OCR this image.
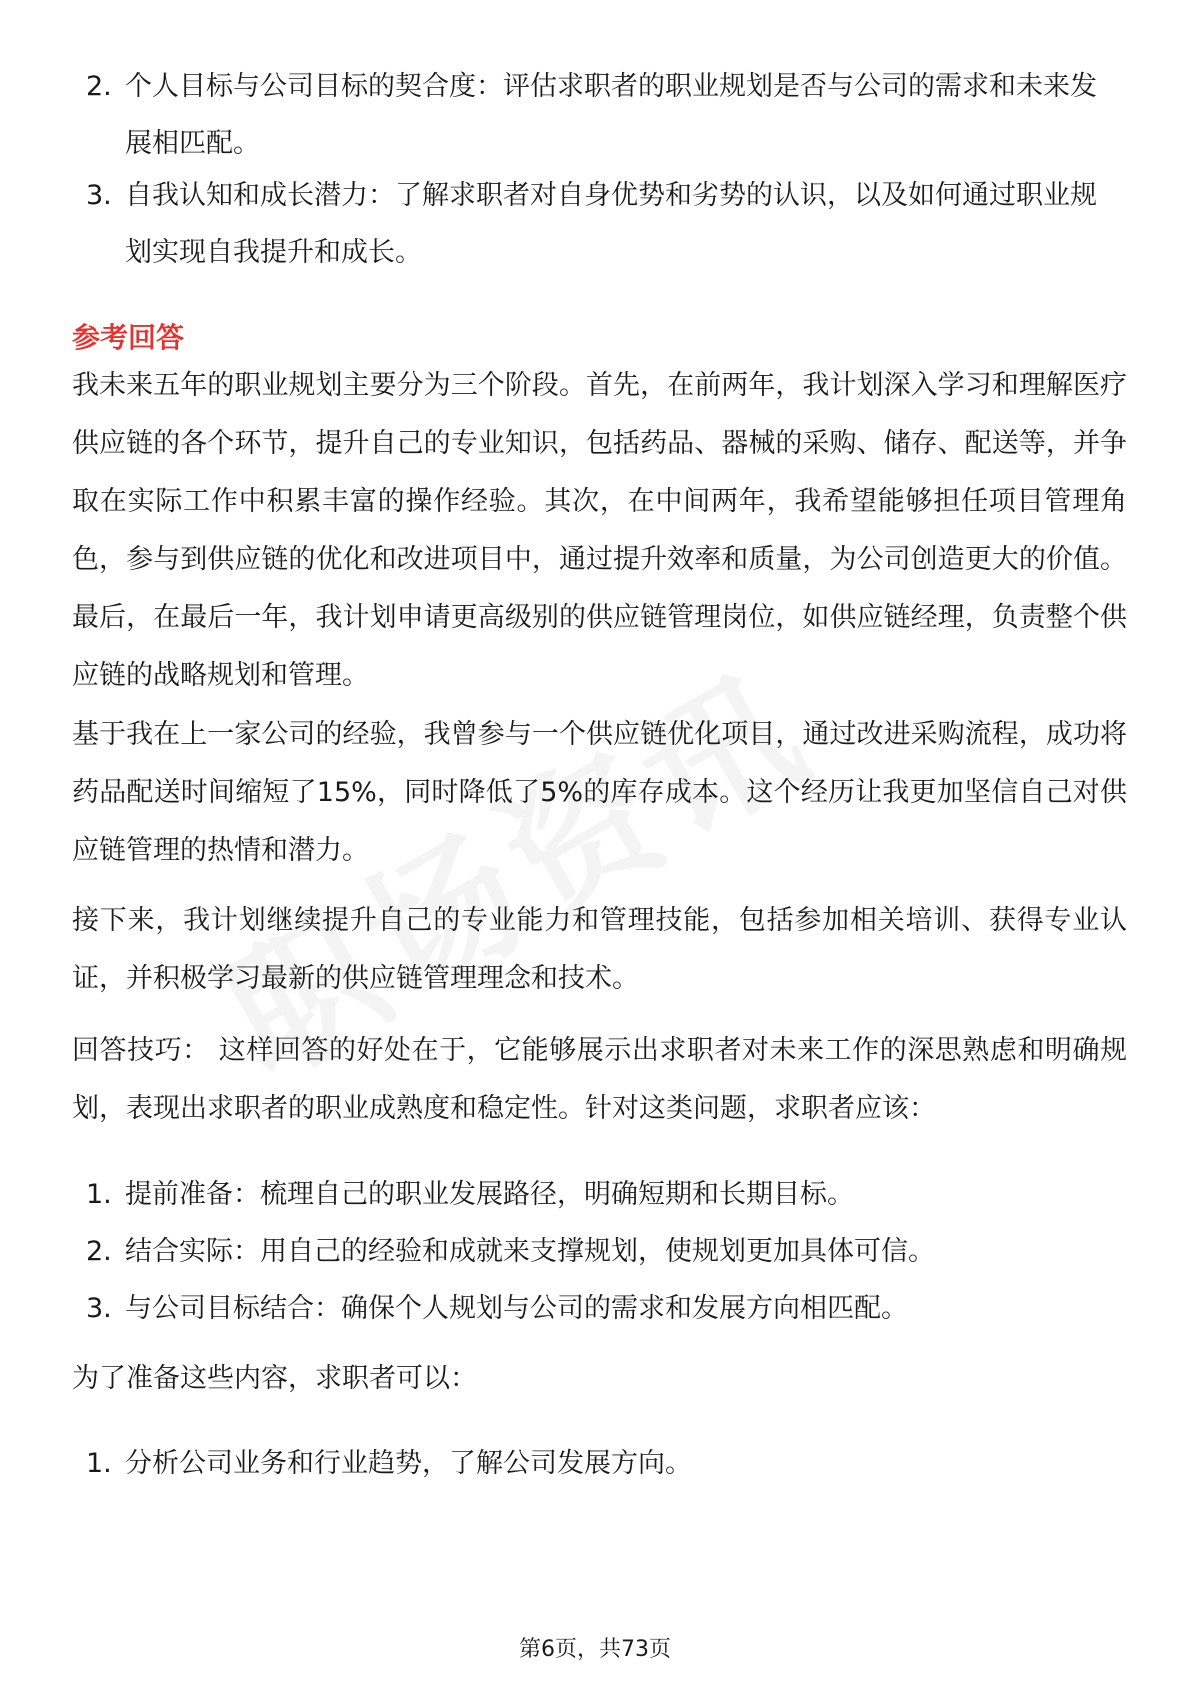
2. 个人目标与公司目标的契合度：评估求职者的职业规划是否与公司的需求和未来发展相匹配。
3. 自我认知和成长潜力：了解求职者对自身优势和劣势的认识，以及如何通过职业规划实现自我提升和成长。
参考回答

我未来五年的职业规划主要分为三个阶段。首先，在前两年，我计划深入学习和理解医疗供应链的各个环节，提升自己的专业知识，包括药品、器械的采购、储存、配送等，并争取在实际工作中积累丰富的操作经验。其次，在中间两年，我希望能够担任项目管理角色，参与到供应链的优化和改进项目中，通过提升效率和质量，为公司创造更大的价值。最后，在最后一年，我计划申请更高级别的供应链管理岗位，如供应链经理，负责整个供应链的战略规划和管理。

基于我在上一家公司的经验，我曾参与一个供应链优化项目，通过改进采购流程，成功将药品配送时间缩短了15%，同时降低了5%的库存成本。这个经历让我更加坚信自己对供应链管理的热情和潜力。

接下来，我计划继续提升自己的专业能力和管理技能，包括参加相关培训、获得专业认证，并积极学习最新的供应链管理理念和技术。

回答技巧： 这样回答的好处在于，它能够展示出求职者对未来工作的深思熟虑和明确规划，表现出求职者的职业成熟度和稳定性。针对这类问题，求职者应该：

1. 提前准备：梳理自己的职业发展路径，明确短期和长期目标。
2. 结合实际：用自己的经验和成就来支撑规划，使规划更加具体可信。
3. 与公司目标结合：确保个人规划与公司的需求和发展方向相匹配。

为了准备这些内容，求职者可以：

1. 分析公司业务和行业趋势，了解公司发展方向。
第6页，共73页
